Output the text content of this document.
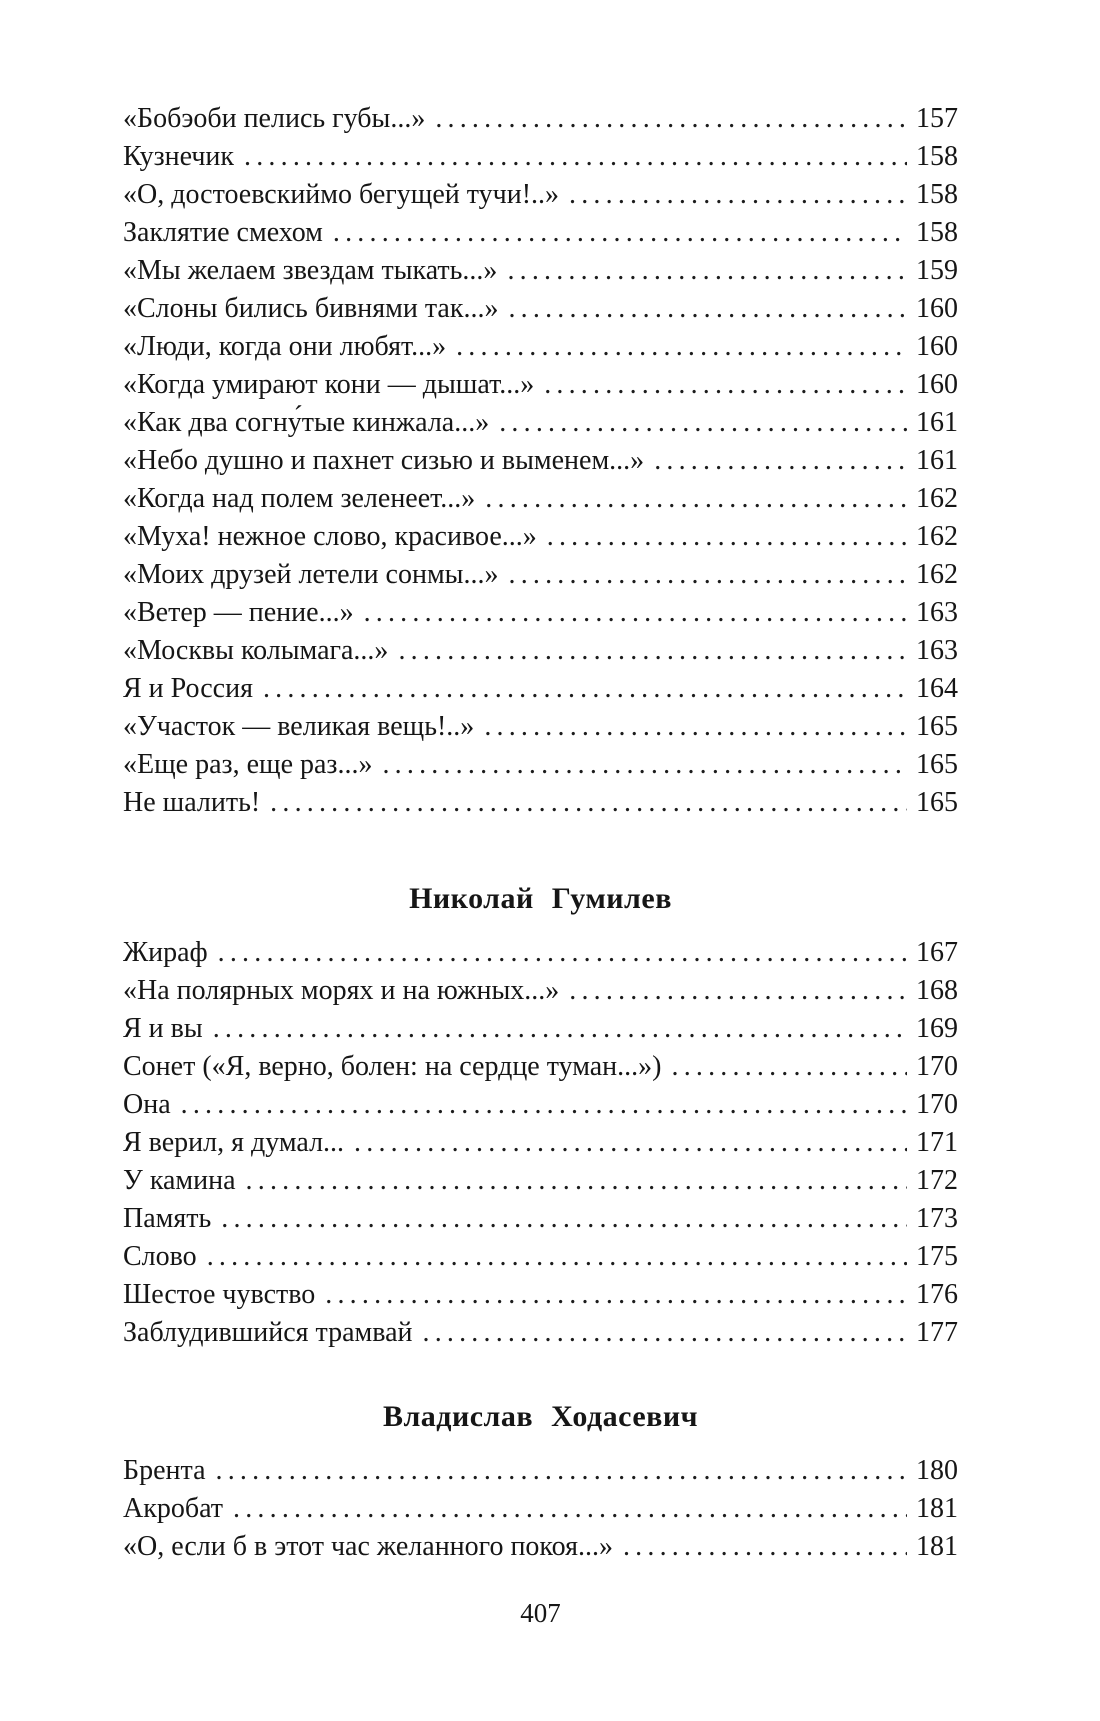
«Бобэоби пелись губы...» .....	157
Кузнечик .....	158
«О, достоевскиймо бегущей тучи!..» .....	158
Заклятие смехом .....	158
«Мы желаем звездам тыкать...» .....	159
«Слоны бились бивнями так...» .....	160
«Люди, когда они любят...» .....	160
«Когда умирают кони — дышат...» .....	160
«Как два согну́тые кинжала...» .....	161
«Небо душно и пахнет сизью и выменем...» .....	161
«Когда над полем зеленеет...» .....	162
«Муха! нежное слово, красивое...» .....	162
«Моих друзей летели сонмы...» .....	162
«Ветер — пение...» .....	163
«Москвы колымага...» .....	163
Я и Россия .....	164
«Участок — великая вещь!..» .....	165
«Еще раз, еще раз...» .....	165
Не шалить! .....	165
Николай Гумилев
Жираф .....	167
«На полярных морях и на южных...» .....	168
Я и вы .....	169
Сонет («Я, верно, болен: на сердце туман...») .....	170
Она .....	170
Я верил, я думал... .....	171
У камина .....	172
Память .....	173
Слово .....	175
Шестое чувство .....	176
Заблудившийся трамвай .....	177
Владислав Ходасевич
Брента .....	180
Акробат .....	181
«О, если б в этот час желанного покоя...» .....	181
407
